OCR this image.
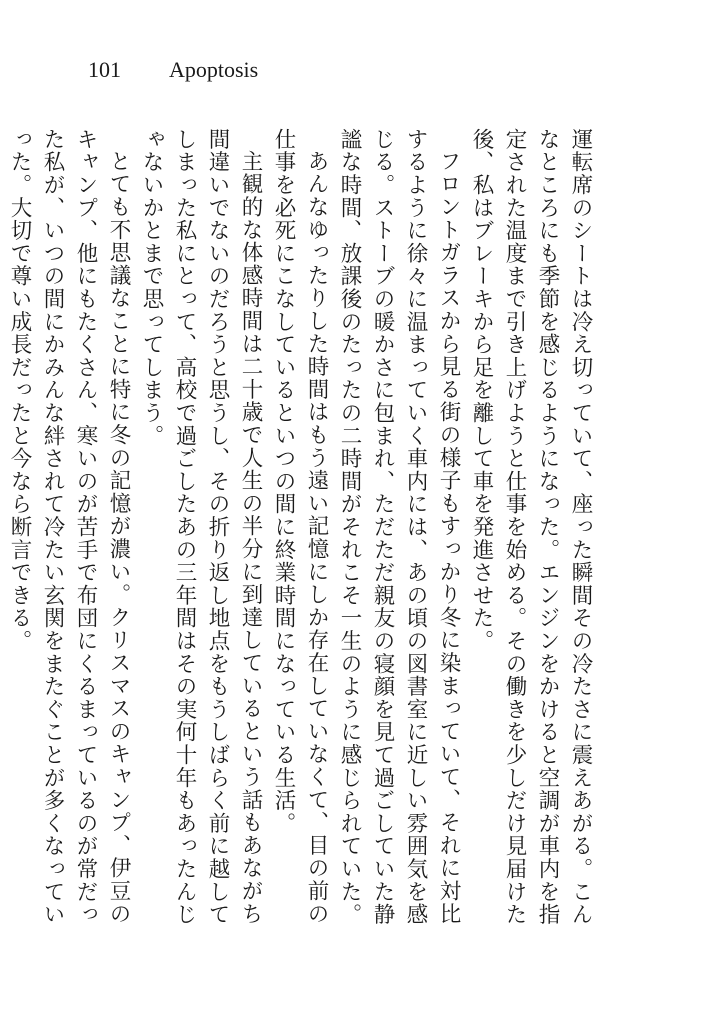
101 Apoptosis

運転席のシートは冷え切っていて、座った瞬間その冷たさに震えあがる。こんなところにも季節を感じるようになった。エンジンをかけると空調が車内を指定された温度まで引き上げようと仕事を始める。その働きを少しだけ見届けた後、私はブレーキから足を離して車を発進させた。

フロントガラスから見る街の様子もすっかり冬に染まっていて、それに対比するように徐々に温まっていく車内には、あの頃の図書室に近しい雰囲気を感じる。ストーブの暖かさに包まれ、ただただ親友の寝顔を見て過ごしていた静謐な時間、放課後のたったの二時間がそれこそ一生のように感じられていた。

あんなゆったりした時間はもう遠い記憶にしか存在していなくて、目の前の仕事を必死にこなしているといつの間に終業時間になっている生活。

主観的な体感時間は二十歳で人生の半分に到達しているという話もあながち間違いでないのだろうと思うし、その折り返し地点をもうしばらく前に越してしまった私にとって、高校で過ごしたあの三年間はその実何十年もあったんじゃないかとまで思ってしまう。

とても不思議なことに特に冬の記憶が濃い。クリスマスのキャンプ、伊豆のキャンプ、他にもたくさん、寒いのが苦手で布団にくるまっているのが常だった私が、いつの間にかみんな絆されて冷たい玄関をまたぐことが多くなっていった。大切で尊い成長だったと今なら断言できる。
